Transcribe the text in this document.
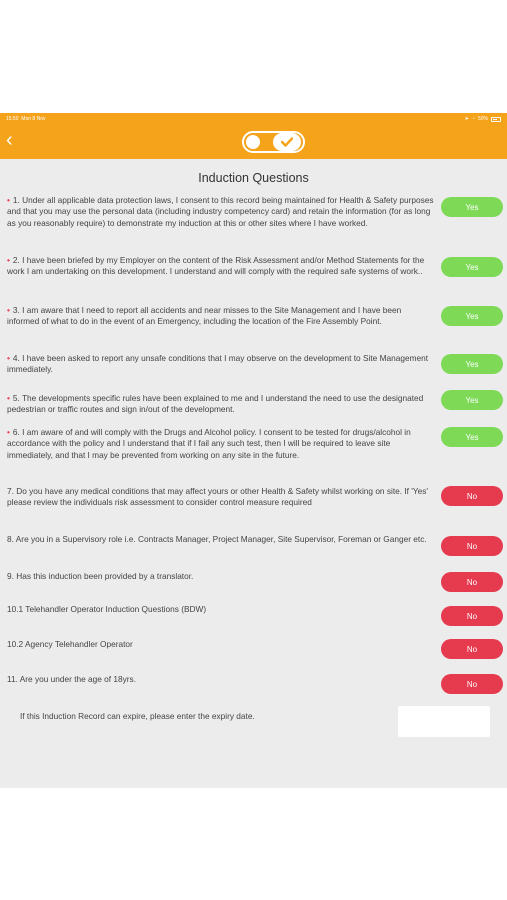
15:50 Mon 8 Nov	➤ ◔ 50%
‹
Induction Questions
• 1. Under all applicable data protection laws, I consent to this record being maintained for Health & Safety purposes and that you may use the personal data (including industry competency card) and retain the information (for as long as you reasonably require) to demonstrate my induction at this or other sites where I have worked.
Yes
• 2. I have been briefed by my Employer on the content of the Risk Assessment and/or Method Statements for the work I am undertaking on this development. I understand and will comply with the required safe systems of work..	Yes
• 3. I am aware that I need to report all accidents and near misses to the Site Management and I have been informed of what to do in the event of an Emergency, including the location of the Fire Assembly Point.
Yes
• 4. I have been asked to report any unsafe conditions that I may observe on the development to Site Management immediately.
Yes
• 5. The developments specific rules have been explained to me and I understand the need to use the designated pedestrian or traffic routes and sign in/out of the development.
Yes
• 6. I am aware of and will comply with the Drugs and Alcohol policy. I consent to be tested for drugs/alcohol in accordance with the policy and I understand that if I fail any such test, then I will be required to leave site immediately, and that I may be prevented from working on any site in the future.
Yes
7. Do you have any medical conditions that may affect yours or other Health & Safety whilst working on site. If 'Yes' please review the individuals risk assessment to consider control measure required
No
8. Are you in a Supervisory role i.e. Contracts Manager, Project Manager, Site Supervisor, Foreman or Ganger etc.
No
9. Has this induction been provided by a translator.
No
10.1 Telehandler Operator Induction Questions (BDW)
No
10.2 Agency Telehandler Operator	No
11. Are you under the age of 18yrs.	No
If this Induction Record can expire, please enter the expiry date.
